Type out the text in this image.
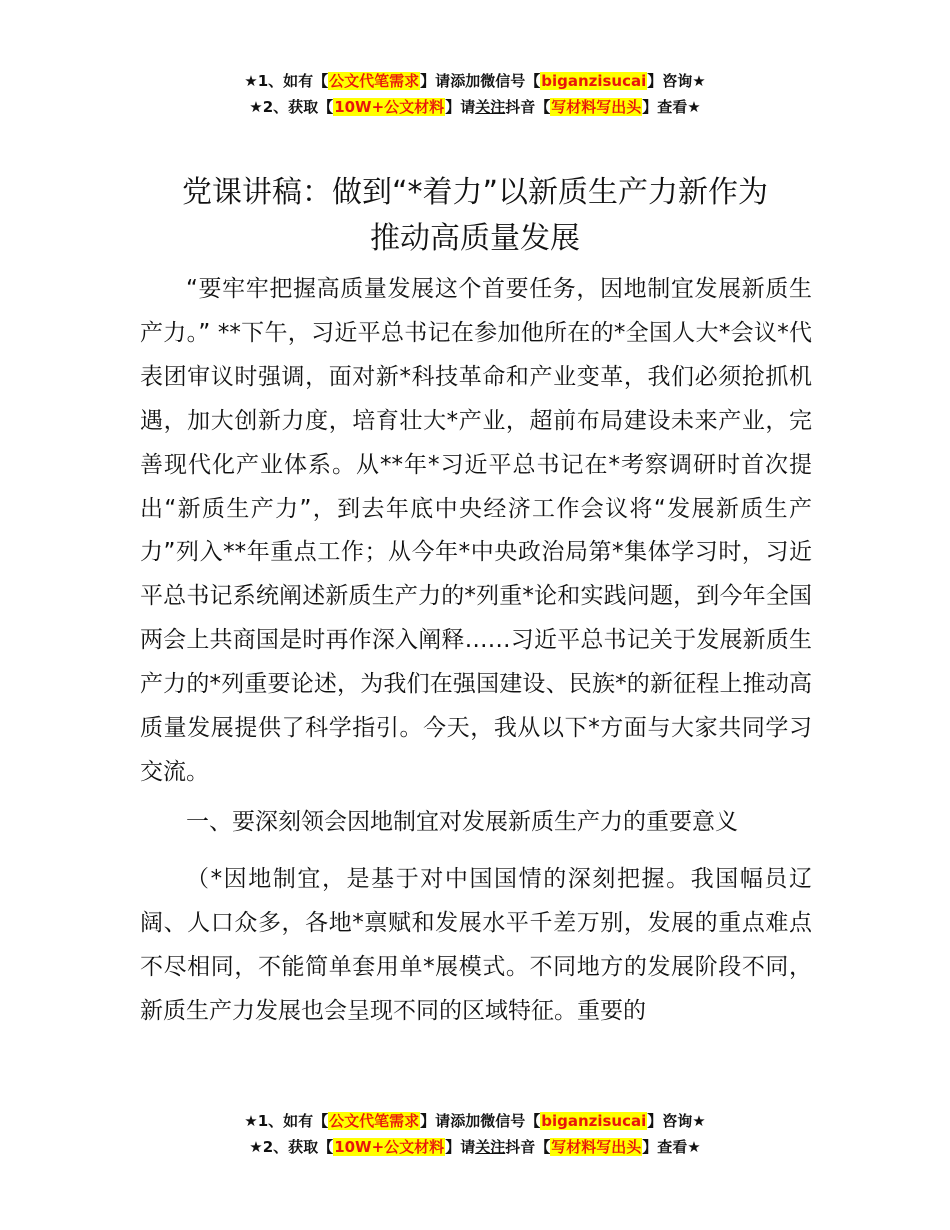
★1、如有【公文代笔需求】请添加微信号【biganzisucai】咨询★
★2、获取【10W+公文材料】请关注抖音【写材料写出头】查看★
党课讲稿：做到“*着力”以新质生产力新作为
推动高质量发展

“要牢牢把握高质量发展这个首要任务，因地制宜发展新质生产力。” **下午，习近平总书记在参加他所在的*全国人大*会议*代表团审议时强调，面对新*科技革命和产业变革，我们必须抢抓机遇，加大创新力度，培育壮大*产业，超前布局建设未来产业，完善现代化产业体系。从**年*习近平总书记在*考察调研时首次提出“新质生产力”，到去年底中央经济工作会议将“发展新质生产力”列入**年重点工作；从今年*中央政治局第*集体学习时，习近平总书记系统阐述新质生产力的*列重*论和实践问题，到今年全国两会上共商国是时再作深入阐释……习近平总书记关于发展新质生产力的*列重要论述，为我们在强国建设、民族*的新征程上推动高质量发展提供了科学指引。今天，我从以下*方面与大家共同学习交流。

一、要深刻领会因地制宜对发展新质生产力的重要意义

（*因地制宜，是基于对中国国情的深刻把握。我国幅员辽阔、人口众多，各地*禀赋和发展水平千差万别，发展的重点难点不尽相同，不能简单套用单*展模式。不同地方的发展阶段不同，新质生产力发展也会呈现不同的区域特征。重要的

★1、如有【公文代笔需求】请添加微信号【biganzisucai】咨询★
★2、获取【10W+公文材料】请关注抖音【写材料写出头】查看★
